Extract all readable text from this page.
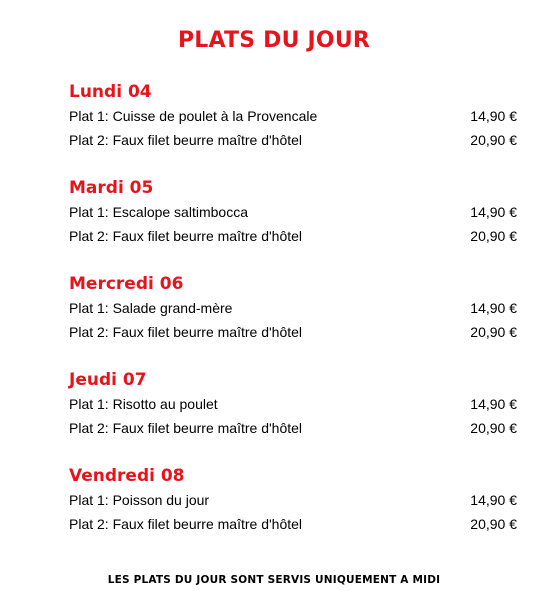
PLATS DU JOUR
Lundi 04
Plat 1: Cuisse de poulet à la Provencale	14,90 €
Plat 2: Faux filet beurre maître d'hôtel	20,90 €
Mardi 05
Plat 1: Escalope saltimbocca	14,90 €
Plat 2: Faux filet beurre maître d'hôtel	20,90 €
Mercredi 06
Plat 1: Salade grand-mère	14,90 €
Plat 2: Faux filet beurre maître d'hôtel	20,90 €
Jeudi 07
Plat 1: Risotto au poulet	14,90 €
Plat 2: Faux filet beurre maître d'hôtel	20,90 €
Vendredi 08
Plat 1: Poisson du jour	14,90 €
Plat 2: Faux filet beurre maître d'hôtel	20,90 €
LES PLATS DU JOUR SONT SERVIS UNIQUEMENT A MIDI
